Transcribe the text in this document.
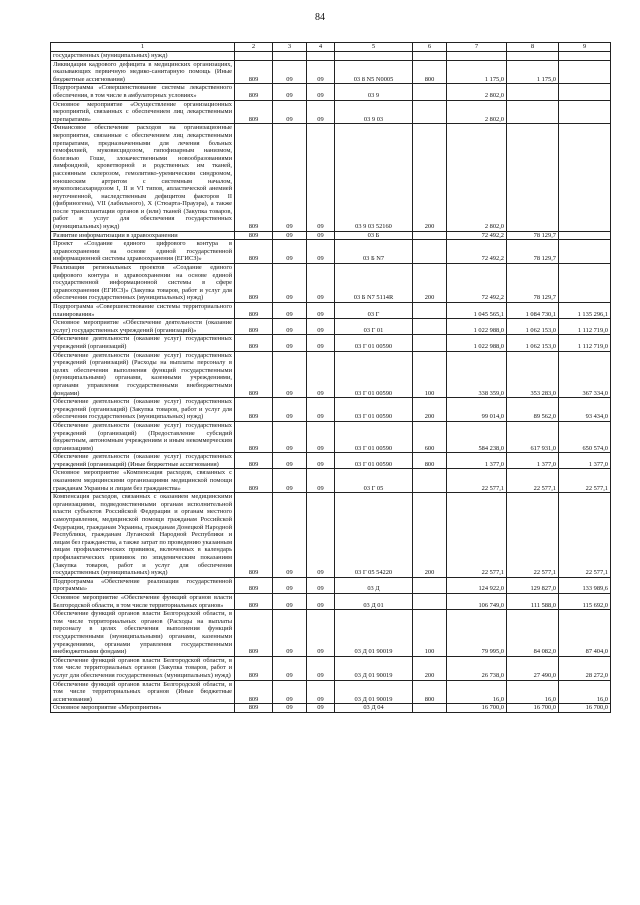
84
1	2	3	4	5	6	7	8	9
государственных (муниципальных) нужд)								
Ликвидация кадрового дефицита в медицинских организациях, оказывающих первичную медико-санитарную помощь (Иные бюджетные ассигнования)	809	09	09	03 8 N5 N0005	800	1 175,0	1 175,0	
Подпрограмма «Совершенствование системы лекарственного обеспечения, в том числе в амбулаторных условиях»	809	09	09	03 9		2 802,0		
Основное мероприятие «Осуществление организационных мероприятий, связанных с обеспечением лиц лекарственными препаратами»	809	09	09	03 9 03		2 802,0		
Финансовое обеспечение расходов на организационные мероприятия, связанные с обеспечением лиц лекарственными препаратами, предназначенными для лечения больных гемофилией, муковисцидозом, гипофизарным нанизмом, болезнью Гоше, злокачественными новообразованиями лимфоидной, кроветворной и родственных им тканей, рассеянным склерозом, гемолитико-уремическим синдромом, юношеским артритом с системным началом, мукополисахаридозом I, II и VI типов, апластической анемией неуточненной, наследственным дефицитом факторов II (фибриногена), VII (лабильного), X (Стюарта-Прауэра), а также после трансплантации органов и (или) тканей (Закупка товаров, работ и услуг для обеспечения государственных (муниципальных) нужд)	809	09	09	03 9 03 52160	200	2 802,0		
Развитие информатизации в здравоохранении	809	09	09	03 Б		72 492,2	78 129,7	
Проект «Создание единого цифрового контура в здравоохранении на основе единой государственной информационной системы здравоохранения (ЕГИСЗ)»	809	09	09	03 Б N7		72 492,2	78 129,7	
Реализация региональных проектов «Создание единого цифрового контура в здравоохранении на основе единой государственной информационной системы в сфере здравоохранения (ЕГИСЗ)» (Закупка товаров, работ и услуг для обеспечения государственных (муниципальных) нужд)	809	09	09	03 Б N7 5114R	200	72 492,2	78 129,7	
Подпрограмма «Совершенствование системы территориального планирования»	809	09	09	03 Г		1 045 565,1	1 084 730,1	1 135 296,1
Основное мероприятие «Обеспечение деятельности (оказание услуг) государственных учреждений (организаций)»	809	09	09	03 Г 01		1 022 988,0	1 062 153,0	1 112 719,0
Обеспечение деятельности (оказание услуг) государственных учреждений (организаций)	809	09	09	03 Г 01 00590		1 022 988,0	1 062 153,0	1 112 719,0
Обеспечение деятельности (оказание услуг) государственных учреждений (организаций) (Расходы на выплаты персоналу в целях обеспечения выполнения функций государственными (муниципальными) органами, казенными учреждениями, органами управления государственными внебюджетными фондами)	809	09	09	03 Г 01 00590	100	338 359,0	353 283,0	367 334,0
Обеспечение деятельности (оказание услуг) государственных учреждений (организаций) (Закупка товаров, работ и услуг для обеспечения государственных (муниципальных) нужд)	809	09	09	03 Г 01 00590	200	99 014,0	89 562,0	93 434,0
Обеспечение деятельности (оказание услуг) государственных учреждений (организаций) (Предоставление субсидий бюджетным, автономным учреждениям и иным некоммерческим организациям)	809	09	09	03 Г 01 00590	600	584 238,0	617 931,0	650 574,0
Обеспечение деятельности (оказание услуг) государственных учреждений (организаций) (Иные бюджетные ассигнования)	809	09	09	03 Г 01 00590	800	1 377,0	1 377,0	1 377,0
Основное мероприятие «Компенсация расходов, связанных с оказанием медицинскими организациями медицинской помощи гражданам Украины и лицам без гражданства»	809	09	09	03 Г 05		22 577,1	22 577,1	22 577,1
Компенсация расходов, связанных с оказанием медицинскими организациями, подведомственными органам исполнительной власти субъектов Российской Федерации и органам местного самоуправления, медицинской помощи гражданам Российской Федерации, гражданам Украины, гражданам Донецкой Народной Республики, гражданам Луганской Народной Республики и лицам без гражданства, а также затрат по проведению указанным лицам профилактических прививок, включенных в календарь профилактических прививок по эпидемическим показаниям (Закупка товаров, работ и услуг для обеспечения государственных (муниципальных) нужд)	809	09	09	03 Г 05 54220	200	22 577,1	22 577,1	22 577,1
Подпрограмма «Обеспечение реализации государственной программы»	809	09	09	03 Д		124 922,0	129 827,0	133 989,6
Основное мероприятие «Обеспечение функций органов власти Белгородской области, в том числе территориальных органов»	809	09	09	03 Д 01		106 749,0	111 588,0	115 692,0
Обеспечение функций органов власти Белгородской области, в том числе территориальных органов (Расходы на выплаты персоналу в целях обеспечения выполнения функций государственными (муниципальными) органами, казенными учреждениями, органами управления государственными внебюджетными фондами)	809	09	09	03 Д 01 90019	100	79 995,0	84 082,0	87 404,0
Обеспечение функций органов власти Белгородской области, в том числе территориальных органов (Закупка товаров, работ и услуг для обеспечения государственных (муниципальных) нужд)	809	09	09	03 Д 01 90019	200	26 738,0	27 490,0	28 272,0
Обеспечение функций органов власти Белгородской области, в том числе территориальных органов (Иные бюджетные ассигнования)	809	09	09	03 Д 01 90019	800	16,0	16,0	16,0
Основное мероприятие «Мероприятия»	809	09	09	03 Д 04		16 700,0	16 700,0	16 700,0
